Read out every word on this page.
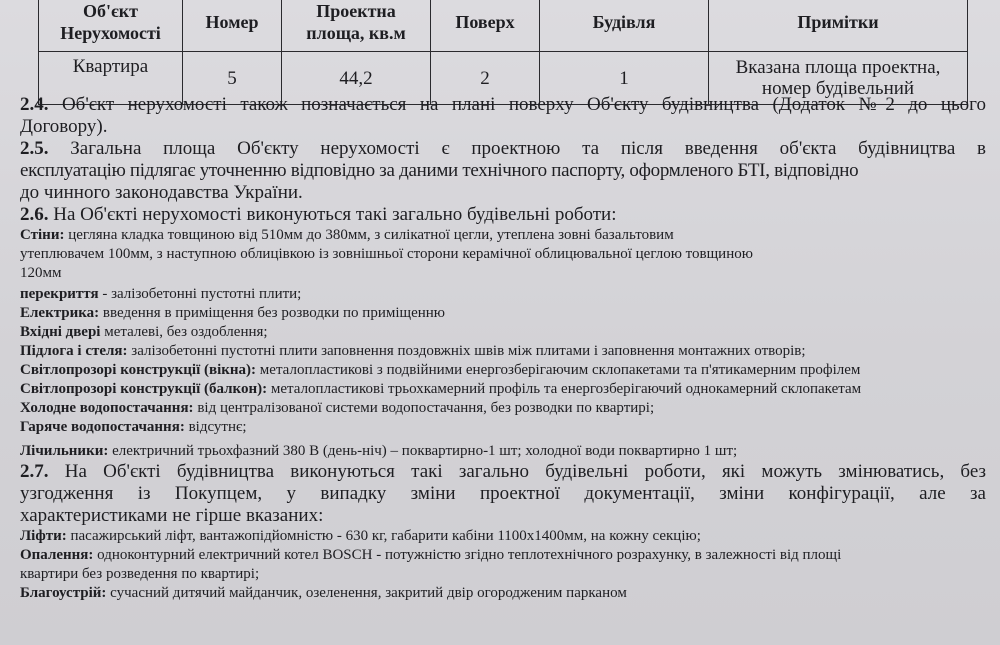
Об'єкт Нерухомості	Номер	Проектна площа, кв.м	Поверх	Будівля	Примітки
Квартира	5	44,2	2	1	Вказана площа проектна,
номер будівельний
2.4. Об'єкт нерухомості також позначається на плані поверху Об'єкту будівництва (Додаток №2 до цього
Договору).
2.5. Загальна площа Об'єкту нерухомості є проектною та після введення об'єкта будівництва в
експлуатацію підлягає уточненню відповідно за даними технічного паспорту, оформленого БТІ, відповідно
до чинного законодавства України.
2.6. На Об'єкті нерухомості виконуються такі загально будівельні роботи:
Стіни: цегляна кладка товщиною від 510мм до 380мм, з силікатної цегли, утеплена зовні базальтовим
утеплювачем 100мм, з наступною облицівкою із зовнішньої сторони керамічної облицювальної цеглою товщиною
120мм
перекриття - залізобетонні пустотні плити;
Електрика: введення в приміщення без розводки по приміщенню
Вхідні двері металеві, без оздоблення;
Підлога і стеля: залізобетонні пустотні плити заповнення поздовжніх швів між плитами і заповнення монтажних отворів;
Світлопрозорі конструкції (вікна): металопластикові з подвійними енергозберігаючим склопакетами та п'ятикамерним профілем
Світлопрозорі конструкції (балкон): металопластикові трьохкамерний профіль та енергозберігаючий однокамерний склопакетам
Холодне водопостачання: від централізованої системи водопостачання, без розводки по квартирі;
Гаряче водопостачання: відсутнє;
Лічильники: електричний трьохфазний 380 В (день-ніч) – поквартирно-1 шт; холодної води поквартирно 1 шт;
2.7. На Об'єкті будівництва виконуються такі загально будівельні роботи, які можуть змінюватись, без
узгодження із Покупцем, у випадку зміни проектної документації, зміни конфігурації, але за
характеристиками не гірше вказаних:
Ліфти: пасажирський ліфт, вантажопідйомністю - 630 кг, габарити кабіни 1100x1400мм, на кожну секцію;
Опалення: одноконтурний електричний котел BOSCH - потужністю згідно теплотехнічного розрахунку, в залежності від площі
квартири без розведення по квартирі;
Благоустрій: сучасний дитячий майданчик, озеленення, закритий двір огородженим парканом
